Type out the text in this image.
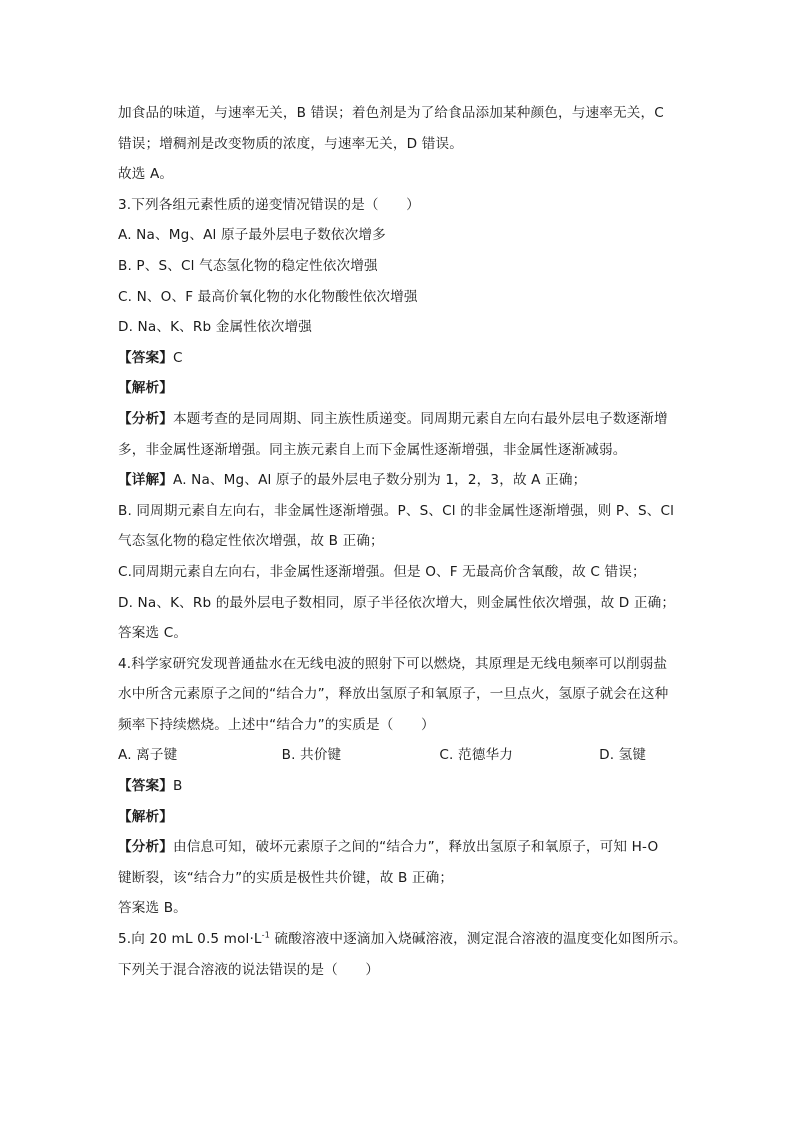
加食品的味道，与速率无关，B 错误；着色剂是为了给食品添加某种颜色，与速率无关，C
错误；增稠剂是改变物质的浓度，与速率无关，D 错误。
故选 A。
3.下列各组元素性质的递变情况错误的是（　　）
A. Na、Mg、Al 原子最外层电子数依次增多
B. P、S、Cl 气态氢化物的稳定性依次增强
C. N、O、F 最高价氧化物的水化物酸性依次增强
D. Na、K、Rb 金属性依次增强
【答案】C
【解析】
【分析】本题考查的是同周期、同主族性质递变。同周期元素自左向右最外层电子数逐渐增
多，非金属性逐渐增强。同主族元素自上而下金属性逐渐增强，非金属性逐渐减弱。
【详解】A. Na、Mg、Al 原子的最外层电子数分别为 1，2，3，故 A 正确；
B. 同周期元素自左向右，非金属性逐渐增强。P、S、Cl 的非金属性逐渐增强，则 P、S、Cl
气态氢化物的稳定性依次增强，故 B 正确；
C.同周期元素自左向右，非金属性逐渐增强。但是 O、F 无最高价含氧酸，故 C 错误；
D. Na、K、Rb 的最外层电子数相同，原子半径依次增大，则金属性依次增强，故 D 正确；
答案选 C。
4.科学家研究发现普通盐水在无线电波的照射下可以燃烧，其原理是无线电频率可以削弱盐
水中所含元素原子之间的“结合力”，释放出氢原子和氧原子，一旦点火，氢原子就会在这种
频率下持续燃烧。上述中“结合力”的实质是（　　）
A. 离子键	B. 共价键	C. 范德华力	D. 氢键
【答案】B
【解析】
【分析】由信息可知，破坏元素原子之间的“结合力”，释放出氢原子和氧原子，可知 H-O
键断裂，该“结合力”的实质是极性共价键，故 B 正确；
答案选 B。
5.向 20 mL 0.5 $mol\cdot L^{-1}$ 硫酸溶液中逐滴加入烧碱溶液，测定混合溶液的温度变化如图所示。
下列关于混合溶液的说法错误的是（　　）
